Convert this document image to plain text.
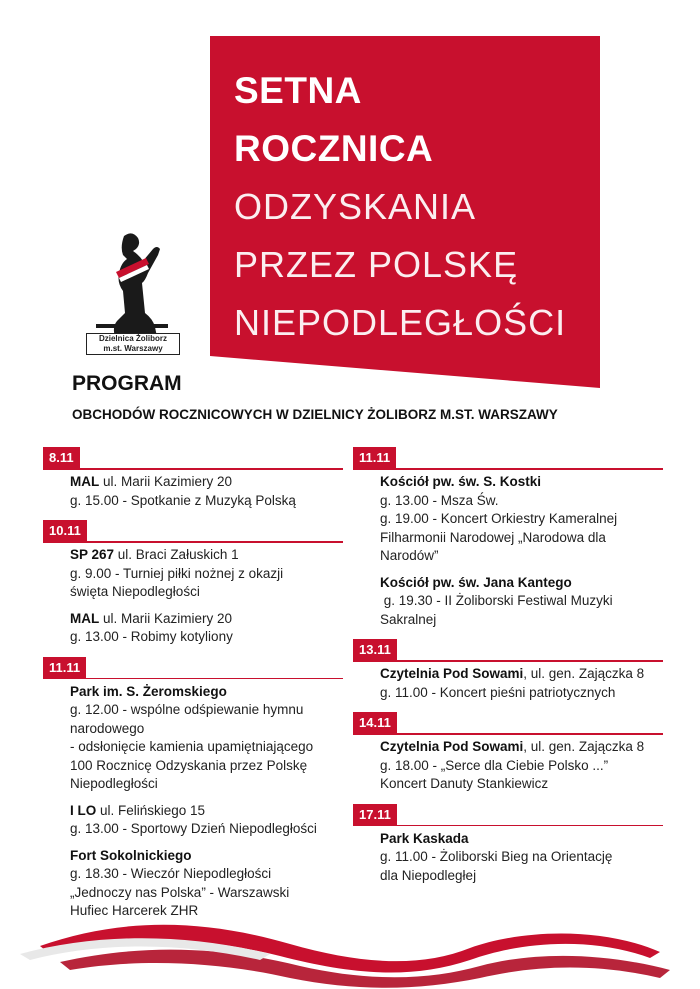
SETNA
ROCZNICA
ODZYSKANIA
PRZEZ POLSKĘ
NIEPODLEGŁOŚCI
Dzielnica Żoliborz
m.st. Warszawy
PROGRAM
OBCHODÓW ROCZNICOWYCH W DZIELNICY ŻOLIBORZ M.ST. WARSZAWY
8.11
MAL ul. Marii Kazimiery 20
g. 15.00 - Spotkanie z Muzyką Polską
10.11
SP 267 ul. Braci Załuskich 1
g. 9.00 - Turniej piłki nożnej z okazji
święta Niepodległości
MAL ul. Marii Kazimiery 20
g. 13.00 - Robimy kotyliony
11.11
Park im. S. Żeromskiego
g. 12.00 - wspólne odśpiewanie hymnu
narodowego
- odsłonięcie kamienia upamiętniającego
100 Rocznicę Odzyskania przez Polskę
Niepodległości
I LO ul. Felińskiego 15
g. 13.00 - Sportowy Dzień Niepodległości
Fort Sokolnickiego
g. 18.30 - Wieczór Niepodległości
„Jednoczy nas Polska” - Warszawski
Hufiec Harcerek ZHR
11.11
Kościół pw. św. S. Kostki
g. 13.00 - Msza Św.
g. 19.00 - Koncert Orkiestry Kameralnej
Filharmonii Narodowej „Narodowa dla
Narodów”
Kościół pw. św. Jana Kantego
g. 19.30 - II Żoliborski Festiwal Muzyki
Sakralnej
13.11
Czytelnia Pod Sowami, ul. gen. Zajączka 8
g. 11.00 - Koncert pieśni patriotycznych
14.11
Czytelnia Pod Sowami, ul. gen. Zajączka 8
g. 18.00 - „Serce dla Ciebie Polsko ...”
Koncert Danuty Stankiewicz
17.11
Park Kaskada
g. 11.00 - Żoliborski Bieg na Orientację
dla Niepodległej
